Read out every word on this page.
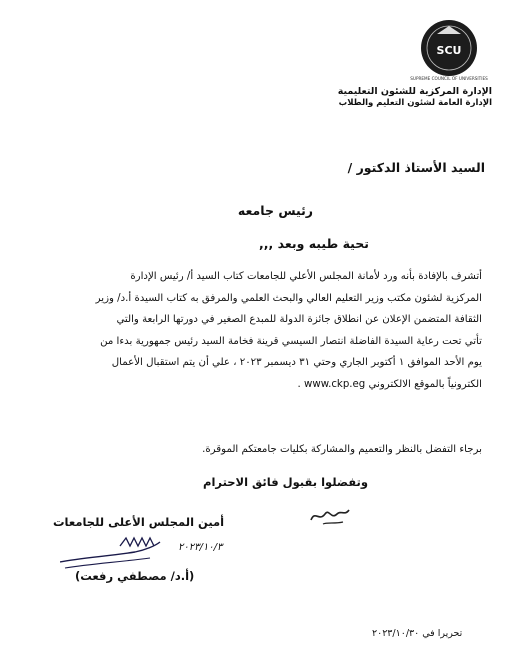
SCU
SUPREME COUNCIL OF UNIVERSITIES
الإدارة المركزية للشئون التعليمية
الإدارة العامة لشئون التعليم والطلاب
السيد الأستاذ الدكتور /
رئيس جامعه
تحية طيبه وبعد ,,,
أتشرف بالإفادة بأنه ورد لأمانة المجلس الأعلي للجامعات كتاب السيد أ/ رئيس الإدارة
المركزية لشئون مكتب وزير التعليم العالي والبحث العلمي والمرفق به كتاب السيدة أ.د/ وزير
الثقافة المتضمن الإعلان عن انطلاق جائزة الدولة للمبدع الصغير في دورتها الرابعة والتي
تأتي تحت رعاية السيدة الفاضلة انتصار السيسي قرينة فخامة السيد رئيس جمهورية بدءا من
يوم الأحد الموافق ١ أكتوبر الجاري وحتي ٣١ ديسمبر ٢٠٢٣ ، علي أن يتم استقبال الأعمال
الكترونياً بالموقع الالكتروني www.ckp.eg .
برجاء التفضل بالنظر والتعميم والمشاركة بكليات جامعتكم الموقرة.
وتفضلوا بقبول فائق الاحترام
أمين المجلس الأعلى للجامعات
٢٠٢٣/١٠/٣
(أ.د/ مصطفي رفعت)
تحريرا في ٢٠٢٣/١٠/٣٠
